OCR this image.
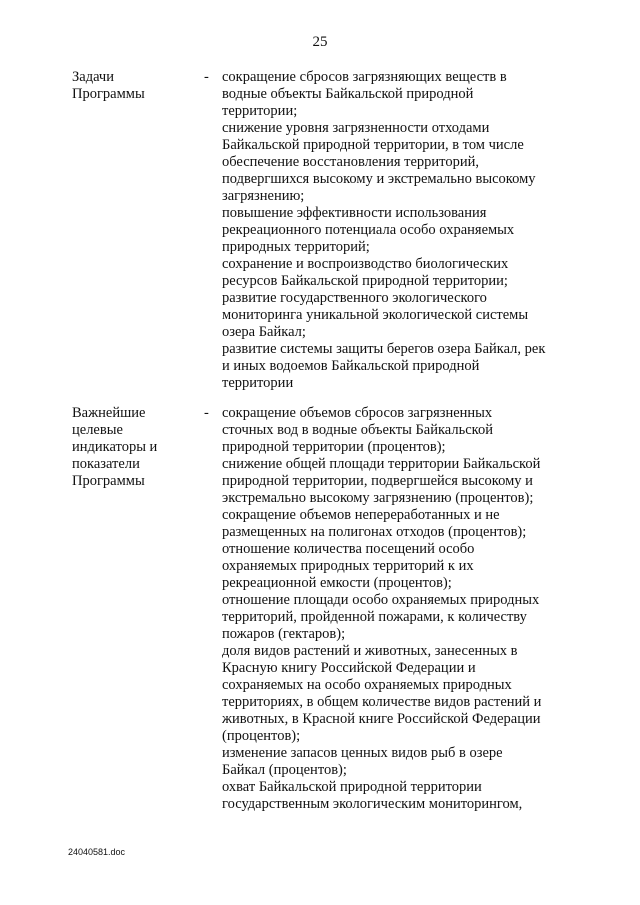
25
Задачи
Программы
- сокращение сбросов загрязняющих веществ в
водные объекты Байкальской природной
территории;
снижение уровня загрязненности отходами
Байкальской природной территории, в том числе
обеспечение восстановления территорий,
подвергшихся высокому и экстремально высокому
загрязнению;
повышение эффективности использования
рекреационного потенциала особо охраняемых
природных территорий;
сохранение и воспроизводство биологических
ресурсов Байкальской природной территории;
развитие государственного экологического
мониторинга уникальной экологической системы
озера Байкал;
развитие системы защиты берегов озера Байкал, рек
и иных водоемов Байкальской природной
территории
Важнейшие
целевые
индикаторы и
показатели
Программы
- сокращение объемов сбросов загрязненных
сточных вод в водные объекты Байкальской
природной территории (процентов);
снижение общей площади территории Байкальской
природной территории, подвергшейся высокому и
экстремально высокому загрязнению (процентов);
сокращение объемов непереработанных и не
размещенных на полигонах отходов (процентов);
отношение количества посещений особо
охраняемых природных территорий к их
рекреационной емкости (процентов);
отношение площади особо охраняемых природных
территорий, пройденной пожарами, к количеству
пожаров (гектаров);
доля видов растений и животных, занесенных в
Красную книгу Российской Федерации и
сохраняемых на особо охраняемых природных
территориях, в общем количестве видов растений и
животных, в Красной книге Российской Федерации
(процентов);
изменение запасов ценных видов рыб в озере
Байкал (процентов);
охват Байкальской природной территории
государственным экологическим мониторингом,
24040581.doc
